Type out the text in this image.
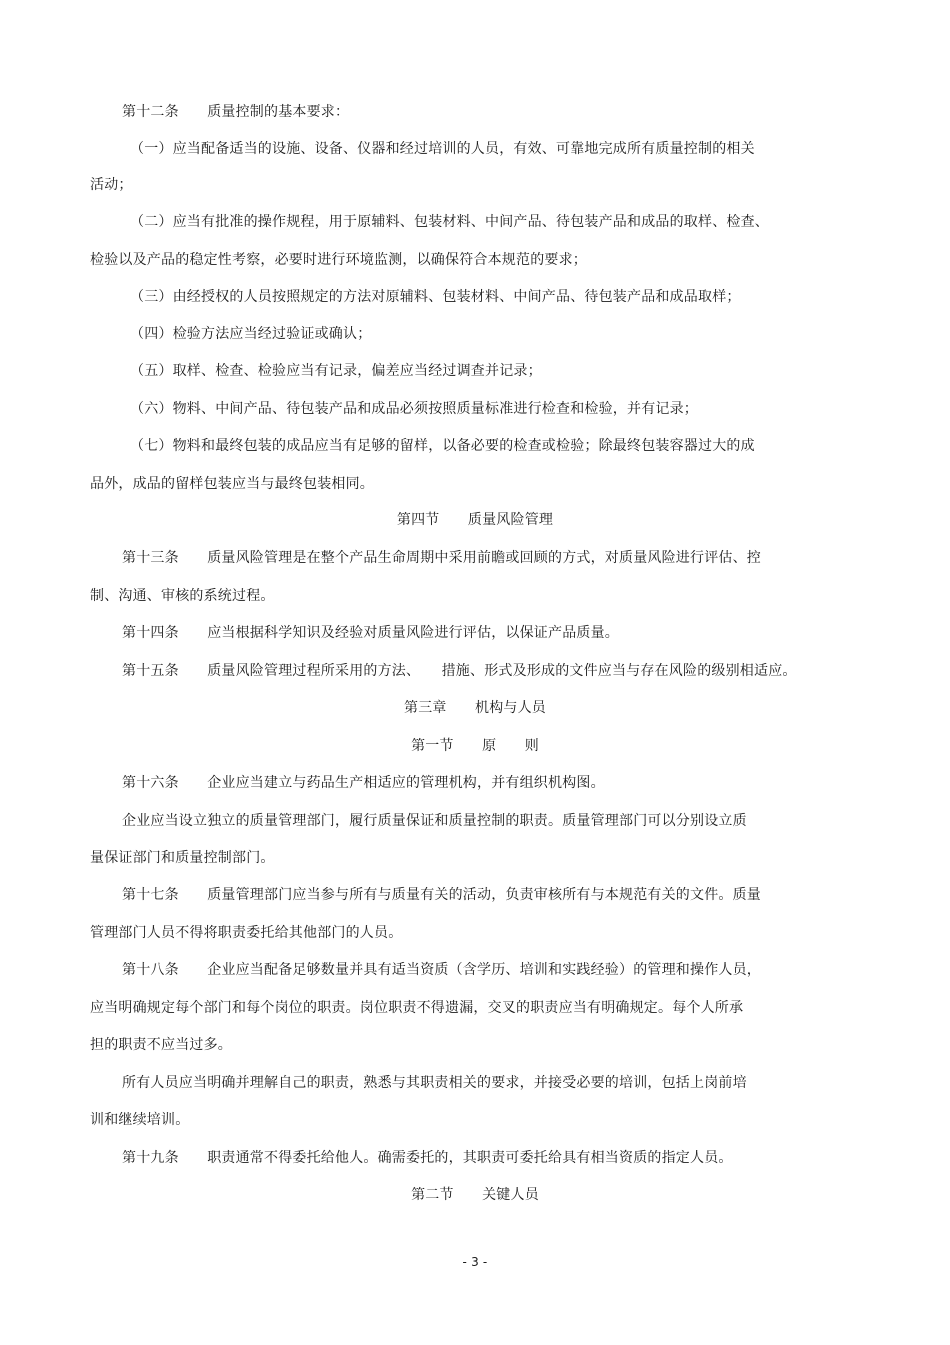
第十二条　　质量控制的基本要求：
（一）应当配备适当的设施、设备、仪器和经过培训的人员，有效、可靠地完成所有质量控制的相关
活动；
（二）应当有批准的操作规程，用于原辅料、包装材料、中间产品、待包装产品和成品的取样、检查、
检验以及产品的稳定性考察，必要时进行环境监测，以确保符合本规范的要求；
（三）由经授权的人员按照规定的方法对原辅料、包装材料、中间产品、待包装产品和成品取样；
（四）检验方法应当经过验证或确认；
（五）取样、检查、检验应当有记录，偏差应当经过调查并记录；
（六）物料、中间产品、待包装产品和成品必须按照质量标准进行检查和检验，并有记录；
（七）物料和最终包装的成品应当有足够的留样，以备必要的检查或检验；除最终包装容器过大的成
品外，成品的留样包装应当与最终包装相同。
第四节　　质量风险管理
第十三条　　质量风险管理是在整个产品生命周期中采用前瞻或回顾的方式，对质量风险进行评估、控
制、沟通、审核的系统过程。
第十四条　　应当根据科学知识及经验对质量风险进行评估，以保证产品质量。
第十五条　　质量风险管理过程所采用的方法、　　措施、形式及形成的文件应当与存在风险的级别相适应。
第三章　　机构与人员
第一节　　原　　则
第十六条　　企业应当建立与药品生产相适应的管理机构，并有组织机构图。
企业应当设立独立的质量管理部门，履行质量保证和质量控制的职责。质量管理部门可以分别设立质
量保证部门和质量控制部门。
第十七条　　质量管理部门应当参与所有与质量有关的活动，负责审核所有与本规范有关的文件。质量
管理部门人员不得将职责委托给其他部门的人员。
第十八条　　企业应当配备足够数量并具有适当资质（含学历、培训和实践经验）的管理和操作人员，
应当明确规定每个部门和每个岗位的职责。岗位职责不得遗漏，交叉的职责应当有明确规定。每个人所承
担的职责不应当过多。
所有人员应当明确并理解自己的职责，熟悉与其职责相关的要求，并接受必要的培训，包括上岗前培
训和继续培训。
第十九条　　职责通常不得委托给他人。确需委托的，其职责可委托给具有相当资质的指定人员。
第二节　　关键人员
- 3 -
